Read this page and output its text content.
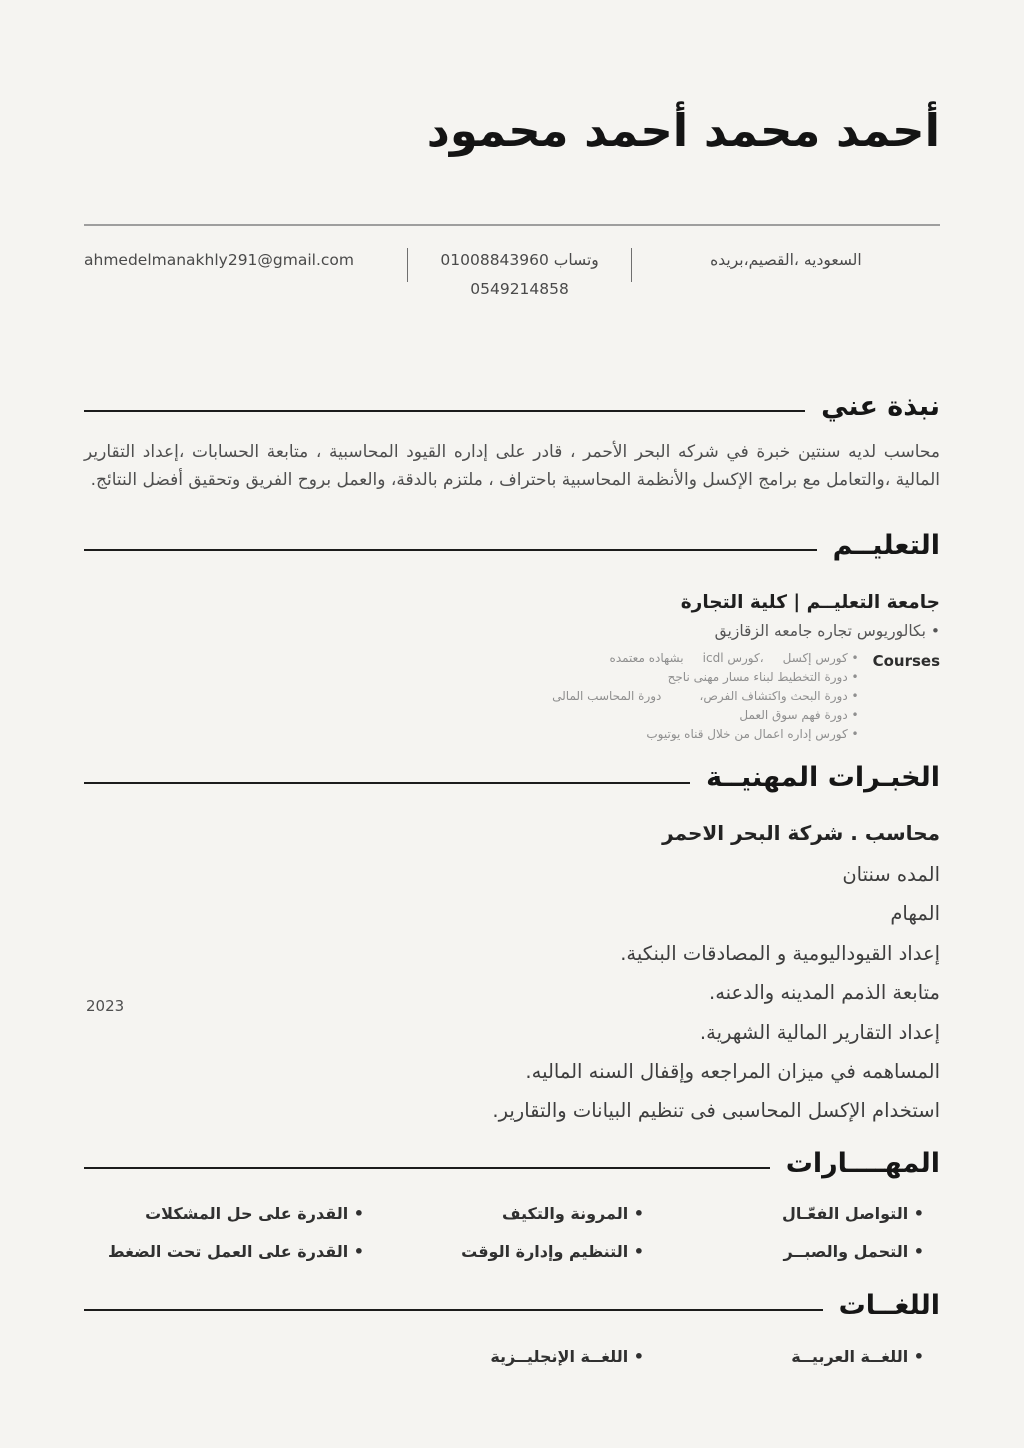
أحمد محمد أحمد محمود
السعوديه ،القصيم،بريده
وتساب 01008843960
0549214858
ahmedelmanakhly291@gmail.com
نبذة عني

محاسب لديه سنتين خبرة في شركه البحر الأحمر ، قادر على إداره القيود المحاسبية ، متابعة الحسابات ،إعداد التقارير المالية ،والتعامل مع برامج الإكسل والأنظمة المحاسبية باحتراف ، ملتزم بالدقة، والعمل بروح الفريق وتحقيق أفضل النتائج.

التعليــم
جامعة التعليــم | كلية التجارة
• بكالوريوس تجاره جامعه الزقازيق
Courses
• كورس إكسل     ،كورس icdl     بشهاده معتمده
• دورة التخطيط لبناء مسار مهنى ناجح
• دورة البحث واكتشاف الفرص،          دورة المحاسب المالى
• دورة فهم سوق العمل
• كورس إداره اعمال من خلال قناه يوتيوب
الخبـرات المهنيــة
محاسب . شركة البحر الاحمر
المده سنتان
المهام
إعداد القيوداليومية و المصادقات البنكية.
متابعة الذمم المدينه والدعنه.
إعداد التقارير المالية الشهرية.
المساهمه في ميزان المراجعه وإقفال السنه الماليه.
استخدام الإكسل المحاسبى فى تنظيم البيانات والتقارير.
2023
المهــــارات
• التواصل الفعّـال
• المرونة والتكيف
• القدرة على حل المشكلات
• التحمل والصبــر
• التنظيم وإدارة الوقت
• القدرة على العمل تحت الضغط
اللغــات
• اللغــة العربيــة
• اللغــة الإنجليــزية
